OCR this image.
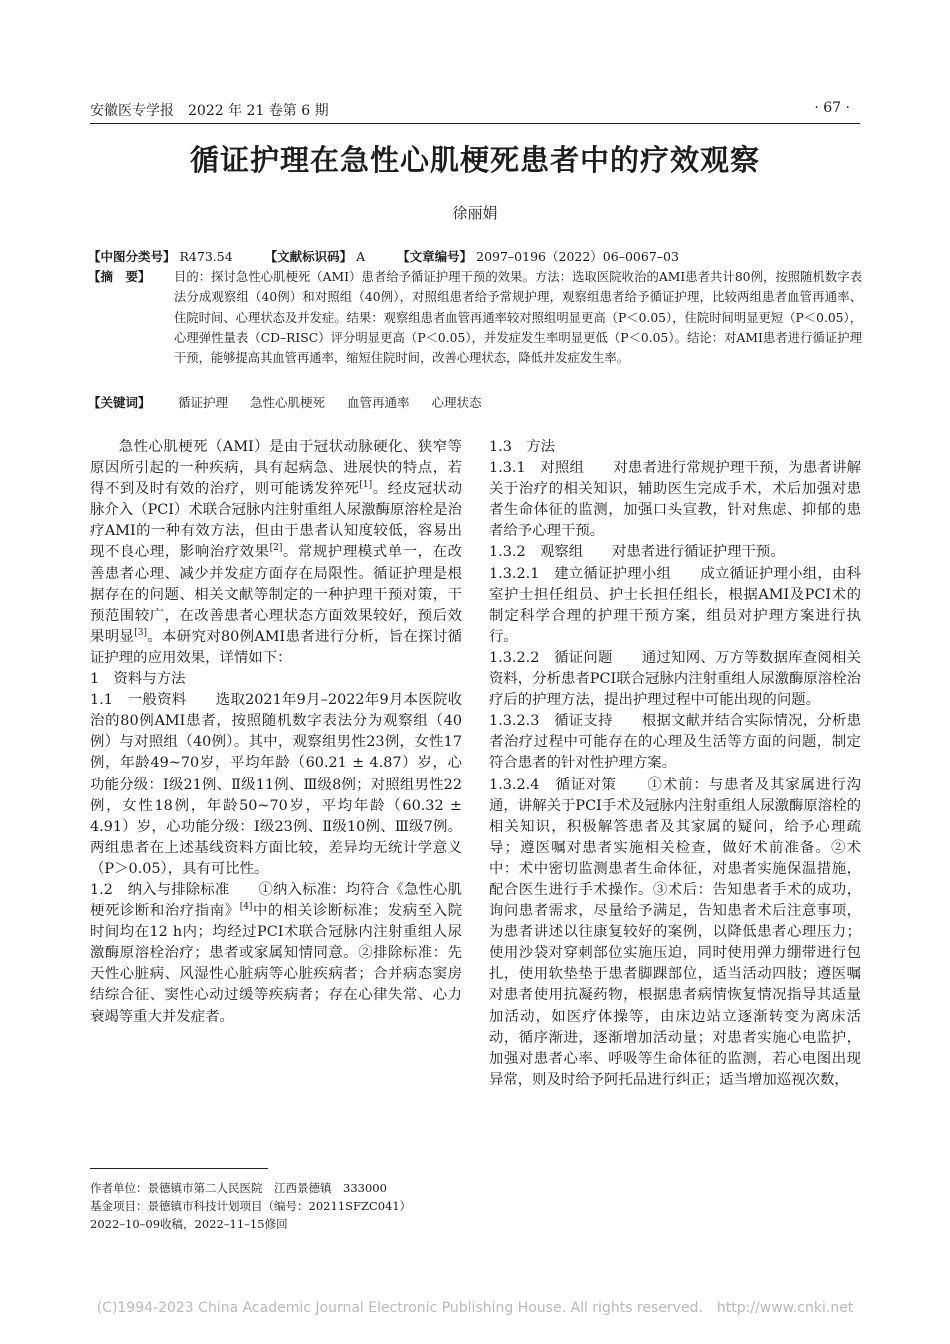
安徽医专学报　2022 年 21 卷第 6 期	· 67 ·
循证护理在急性心肌梗死患者中的疗效观察
徐丽娟
【中图分类号】 R473.54	【文献标识码】 A	【文章编号】 2097–0196（2022）06–0067–03
【摘　要】 目的：探讨急性心肌梗死（AMI）患者给予循证护理干预的效果。方法：选取医院收治的AMI患者共计80例，按照随机数字表法分成观察组（40例）和对照组（40例），对照组患者给予常规护理，观察组患者给予循证护理，比较两组患者血管再通率、住院时间、心理状态及并发症。结果：观察组患者血管再通率较对照组明显更高（P＜0.05），住院时间明显更短（P＜0.05），心理弹性量表（CD–RISC）评分明显更高（P＜0.05），并发症发生率明显更低（P＜0.05）。结论：对AMI患者进行循证护理干预，能够提高其血管再通率，缩短住院时间，改善心理状态，降低并发症发生率。
【关键词】 循证护理 急性心肌梗死 血管再通率 心理状态

急性心肌梗死（AMI）是由于冠状动脉硬化、狭窄等原因所引起的一种疾病，具有起病急、进展快的特点，若得不到及时有效的治疗，则可能诱发猝死[1]。经皮冠状动脉介入（PCI）术联合冠脉内注射重组人尿激酶原溶栓是治疗AMI的一种有效方法，但由于患者认知度较低，容易出现不良心理，影响治疗效果[2]。常规护理模式单一，在改善患者心理、减少并发症方面存在局限性。循证护理是根据存在的问题、相关文献等制定的一种护理干预对策，干预范围较广，在改善患者心理状态方面效果较好，预后效果明显[3]。本研究对80例AMI患者进行分析，旨在探讨循证护理的应用效果，详情如下：

1　资料与方法

1.1　一般资料　　 选取2021年9月–2022年9月本医院收治的80例AMI患者，按照随机数字表法分为观察组（40例）与对照组（40例）。其中，观察组男性23例，女性17例，年龄49~70岁，平均年龄（60.21 ± 4.87）岁，心功能分级：Ⅰ级21例、Ⅱ级11例、Ⅲ级8例；对照组男性22例，女性18例，年龄50~70岁，平均年龄（60.32 ± 4.91）岁，心功能分级：Ⅰ级23例、Ⅱ级10例、Ⅲ级7例。两组患者在上述基线资料方面比较，差异均无统计学意义（P＞0.05），具有可比性。

1.2　纳入与排除标准　　 ①纳入标准：均符合《急性心肌梗死诊断和治疗指南》[4]中的相关诊断标准；发病至入院时间均在12 h内；均经过PCI术联合冠脉内注射重组人尿激酶原溶栓治疗；患者或家属知情同意。②排除标准：先天性心脏病、风湿性心脏病等心脏疾病者；合并病态窦房结综合征、窦性心动过缓等疾病者；存在心律失常、心力衰竭等重大并发症者。

1.3　方法

1.3.1　对照组　　 对患者进行常规护理干预，为患者讲解关于治疗的相关知识，辅助医生完成手术，术后加强对患者生命体征的监测，加强口头宣教，针对焦虑、抑郁的患者给予心理干预。

1.3.2　观察组　　 对患者进行循证护理干预。

1.3.2.1　建立循证护理小组　　 成立循证护理小组，由科室护士担任组员、护士长担任组长，根据AMI及PCI术的制定科学合理的护理干预方案，组员对护理方案进行执行。

1.3.2.2　循证问题　　 通过知网、万方等数据库查阅相关资料，分析患者PCI联合冠脉内注射重组人尿激酶原溶栓治疗后的护理方法，提出护理过程中可能出现的问题。

1.3.2.3　循证支持　　 根据文献并结合实际情况，分析患者治疗过程中可能存在的心理及生活等方面的问题，制定符合患者的针对性护理方案。

1.3.2.4　循证对策　　 ①术前：与患者及其家属进行沟通，讲解关于PCI手术及冠脉内注射重组人尿激酶原溶栓的相关知识，积极解答患者及其家属的疑问，给予心理疏导；遵医嘱对患者实施相关检查，做好术前准备。②术中：术中密切监测患者生命体征，对患者实施保温措施，配合医生进行手术操作。③术后：告知患者手术的成功，询问患者需求，尽量给予满足，告知患者术后注意事项，为患者讲述以往康复较好的案例，以降低患者心理压力；使用沙袋对穿刺部位实施压迫，同时使用弹力绷带进行包扎，使用软垫垫于患者脚踝部位，适当活动四肢；遵医嘱对患者使用抗凝药物，根据患者病情恢复情况指导其适量加活动，如医疗体操等，由床边站立逐渐转变为离床活动，循序渐进，逐渐增加活动量；对患者实施心电监护，加强对患者心率、呼吸等生命体征的监测，若心电图出现异常，则及时给予阿托品进行纠正；适当增加巡视次数，

作者单位：景德镇市第二人民医院　江西景德镇　333000
基金项目：景德镇市科技计划项目（编号：20211SFZC041）
2022–10–09收稿，2022–11–15修回
(C)1994-2023 China Academic Journal Electronic Publishing House. All rights reserved.　http://www.cnki.net
